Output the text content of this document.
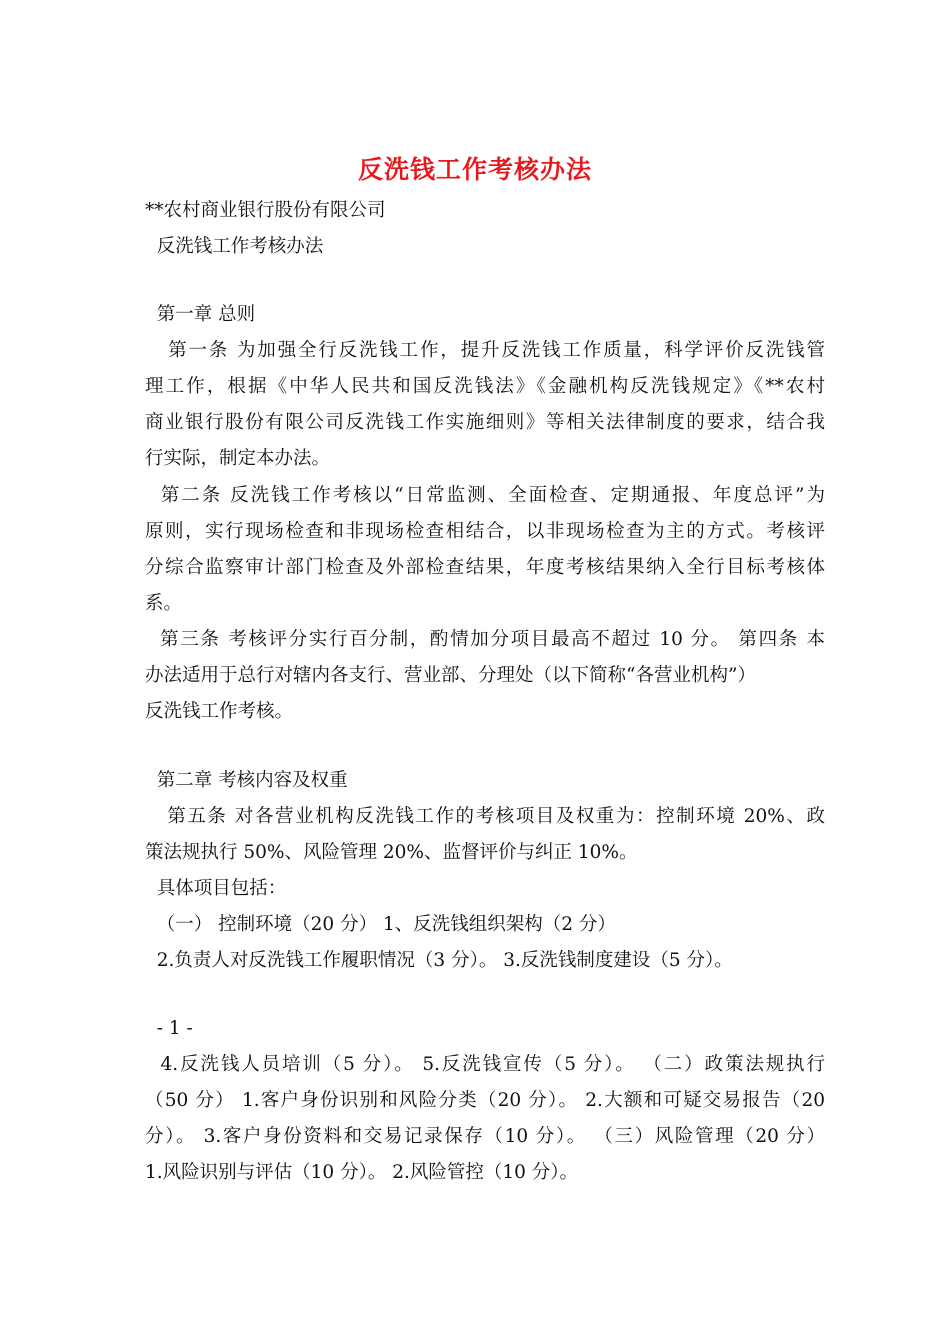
反洗钱工作考核办法
**农村商业银行股份有限公司
反洗钱工作考核办法
第一章 总则
第一条 为加强全行反洗钱工作，提升反洗钱工作质量，科学评价反洗钱管
理工作，根据《中华人民共和国反洗钱法》《金融机构反洗钱规定》《**农村
商业银行股份有限公司反洗钱工作实施细则》等相关法律制度的要求，结合我
行实际，制定本办法。
第二条 反洗钱工作考核以“日常监测、全面检查、定期通报、年度总评”为
原则，实行现场检查和非现场检查相结合，以非现场检查为主的方式。考核评
分综合监察审计部门检查及外部检查结果，年度考核结果纳入全行目标考核体
系。
第三条 考核评分实行百分制，酌情加分项目最高不超过 10 分。 第四条 本
办法适用于总行对辖内各支行、营业部、分理处（以下简称“各营业机构”）
反洗钱工作考核。
第二章 考核内容及权重
第五条 对各营业机构反洗钱工作的考核项目及权重为：控制环境 20%、政
策法规执行 50%、风险管理 20%、监督评价与纠正 10%。
具体项目包括：
（一） 控制环境（20 分） 1、反洗钱组织架构（2 分）
2.负责人对反洗钱工作履职情况（3 分）。 3.反洗钱制度建设（5 分）。
- 1 -
4.反洗钱人员培训（5 分）。 5.反洗钱宣传（5 分）。 （二）政策法规执行
（50 分） 1.客户身份识别和风险分类（20 分）。 2.大额和可疑交易报告（20
分）。 3.客户身份资料和交易记录保存（10 分）。 （三）风险管理（20 分）
1.风险识别与评估（10 分）。 2.风险管控（10 分）。
